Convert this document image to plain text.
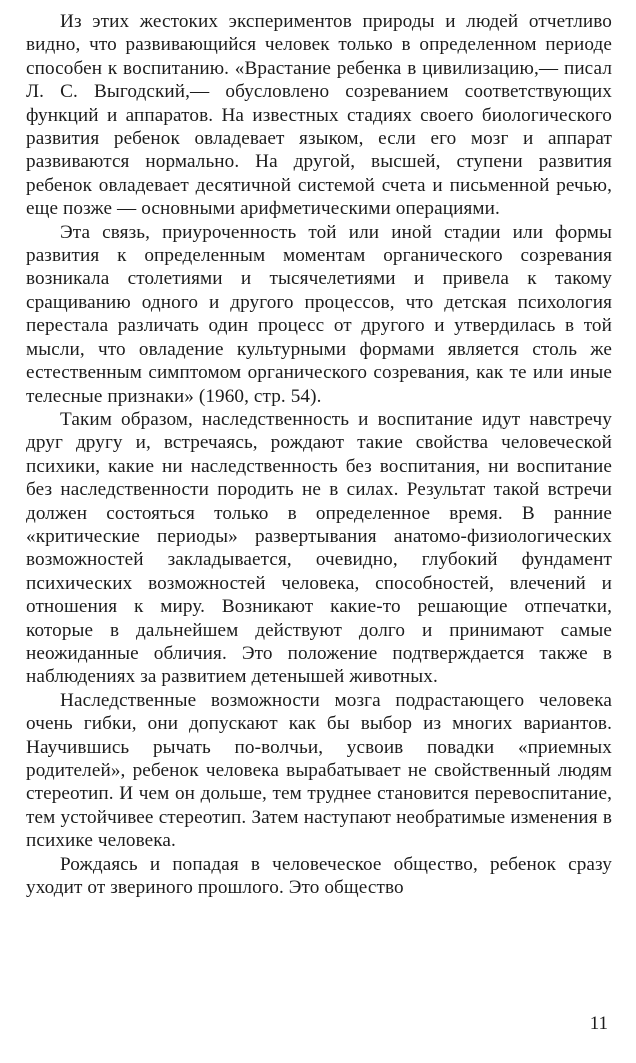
Из этих жестоких экспериментов природы и людей отчетливо видно, что развивающийся человек только в определенном периоде способен к воспитанию. «Врастание ребенка в цивилизацию,— писал Л. С. Выгодский,— обусловлено созреванием соответствующих функций и аппаратов. На известных стадиях своего биологического развития ребенок овладевает языком, если его мозг и аппарат развиваются нормально. На другой, высшей, ступени развития ребенок овладевает десятичной системой счета и письменной речью, еще позже — основными арифметическими операциями.

Эта связь, приуроченность той или иной стадии или формы развития к определенным моментам органического созревания возникала столетиями и тысячелетиями и привела к такому сращиванию одного и другого процессов, что детская психология перестала различать один процесс от другого и утвердилась в той мысли, что овладение культурными формами является столь же естественным симптомом органического созревания, как те или иные телесные признаки» (1960, стр. 54).

Таким образом, наследственность и воспитание идут навстречу друг другу и, встречаясь, рождают такие свойства человеческой психики, какие ни наследственность без воспитания, ни воспитание без наследственности породить не в силах. Результат такой встречи должен состояться только в определенное время. В ранние «критические периоды» развертывания анатомо-физиологических возможностей закладывается, очевидно, глубокий фундамент психических возможностей человека, способностей, влечений и отношения к миру. Возникают какие-то решающие отпечатки, которые в дальнейшем действуют долго и принимают самые неожиданные обличия. Это положение подтверждается также в наблюдениях за развитием детенышей животных.

Наследственные возможности мозга подрастающего человека очень гибки, они допускают как бы выбор из многих вариантов. Научившись рычать по-волчьи, усвоив повадки «приемных родителей», ребенок человека вырабатывает не свойственный людям стереотип. И чем он дольше, тем труднее становится перевоспитание, тем устойчивее стереотип. Затем наступают необратимые изменения в психике человека.

Рождаясь и попадая в человеческое общество, ребенок сразу уходит от звериного прошлого. Это общество

11
